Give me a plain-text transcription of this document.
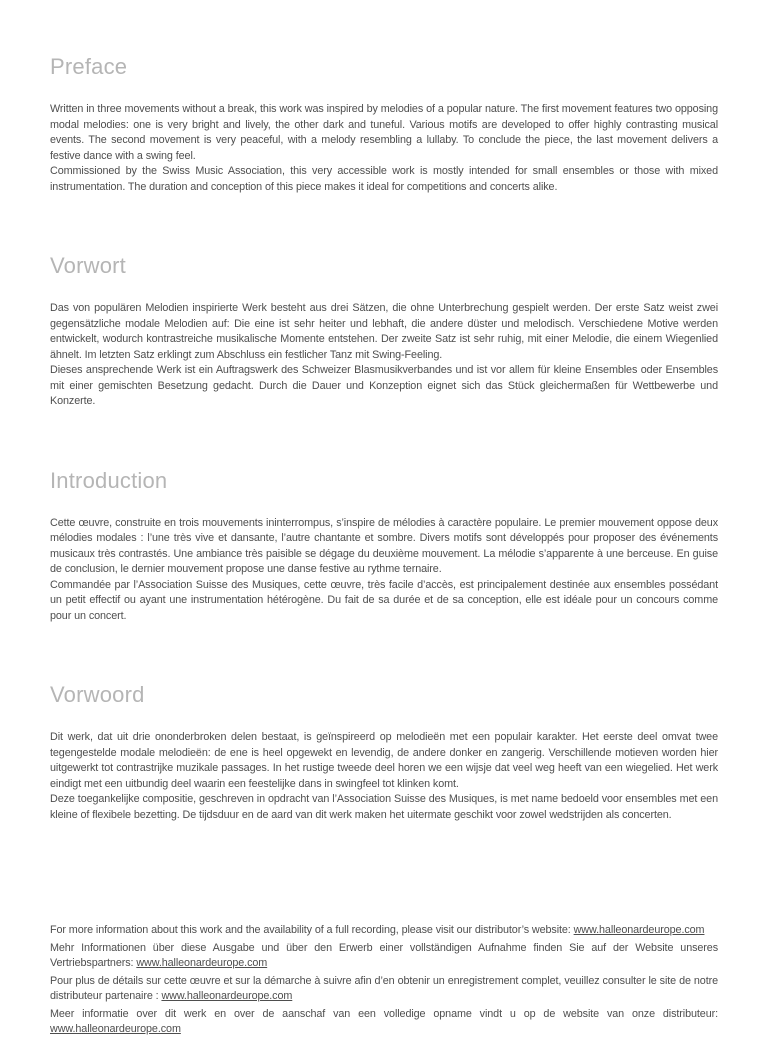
Preface

Written in three movements without a break, this work was inspired by melodies of a popular nature. The first movement features two opposing modal melodies: one is very bright and lively, the other dark and tuneful. Various motifs are developed to offer highly contrasting musical events. The second movement is very peaceful, with a melody resembling a lullaby. To conclude the piece, the last movement delivers a festive dance with a swing feel.

Commissioned by the Swiss Music Association, this very accessible work is mostly intended for small ensembles or those with mixed instrumentation. The duration and conception of this piece makes it ideal for competitions and concerts alike.

Vorwort

Das von populären Melodien inspirierte Werk besteht aus drei Sätzen, die ohne Unterbrechung gespielt werden. Der erste Satz weist zwei gegensätzliche modale Melodien auf: Die eine ist sehr heiter und lebhaft, die andere düster und melodisch. Verschiedene Motive werden entwickelt, wodurch kontrastreiche musikalische Momente entstehen. Der zweite Satz ist sehr ruhig, mit einer Melodie, die einem Wiegenlied ähnelt. Im letzten Satz erklingt zum Abschluss ein festlicher Tanz mit Swing-Feeling.

Dieses ansprechende Werk ist ein Auftragswerk des Schweizer Blasmusikverbandes und ist vor allem für kleine Ensembles oder Ensembles mit einer gemischten Besetzung gedacht. Durch die Dauer und Konzeption eignet sich das Stück gleichermaßen für Wettbewerbe und Konzerte.

Introduction

Cette œuvre, construite en trois mouvements ininterrompus, s’inspire de mélodies à caractère populaire. Le premier mouvement oppose deux mélodies modales : l’une très vive et dansante, l’autre chantante et sombre. Divers motifs sont développés pour proposer des événements musicaux très contrastés. Une ambiance très paisible se dégage du deuxième mouvement. La mélodie s’apparente à une berceuse. En guise de conclusion, le dernier mouvement propose une danse festive au rythme ternaire.

Commandée par l’Association Suisse des Musiques, cette œuvre, très facile d’accès, est principalement destinée aux ensembles possédant un petit effectif ou ayant une instrumentation hétérogène. Du fait de sa durée et de sa conception, elle est idéale pour un concours comme pour un concert.

Vorwoord

Dit werk, dat uit drie ononderbroken delen bestaat, is geïnspireerd op melodieën met een populair karakter. Het eerste deel omvat twee tegengestelde modale melodieën: de ene is heel opgewekt en levendig, de andere donker en zangerig. Verschillende motieven worden hier uitgewerkt tot contrastrijke muzikale passages. In het rustige tweede deel horen we een wijsje dat veel weg heeft van een wiegelied. Het werk eindigt met een uitbundig deel waarin een feestelijke dans in swingfeel tot klinken komt.

Deze toegankelijke compositie, geschreven in opdracht van l’Association Suisse des Musiques, is met name bedoeld voor ensembles met een kleine of flexibele bezetting. De tijdsduur en de aard van dit werk maken het uitermate geschikt voor zowel wedstrijden als concerten.

For more information about this work and the availability of a full recording, please visit our distributor’s website: www.halleonardeurope.com

Mehr Informationen über diese Ausgabe und über den Erwerb einer vollständigen Aufnahme finden Sie auf der Website unseres Vertriebspartners: www.halleonardeurope.com

Pour plus de détails sur cette œuvre et sur la démarche à suivre afin d’en obtenir un enregistrement complet, veuillez consulter le site de notre distributeur partenaire : www.halleonardeurope.com

Meer informatie over dit werk en over de aanschaf van een volledige opname vindt u op de website van onze distributeur: www.halleonardeurope.com
